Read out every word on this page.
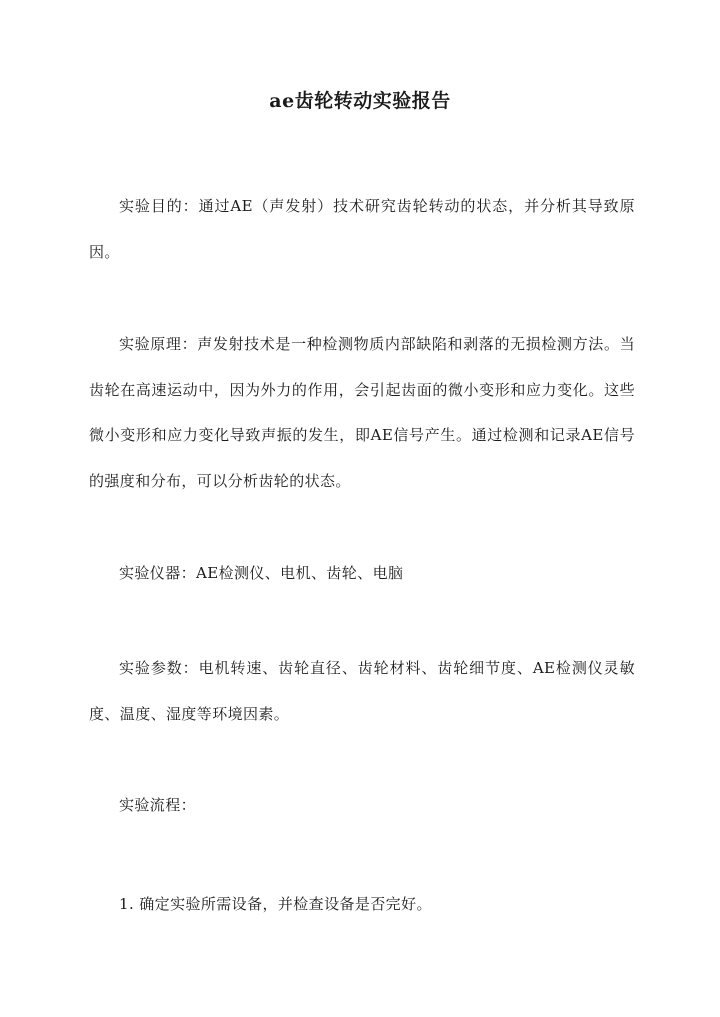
ae齿轮转动实验报告

实验目的：通过AE（声发射）技术研究齿轮转动的状态，并分析其导致原因。

实验原理：声发射技术是一种检测物质内部缺陷和剥落的无损检测方法。当齿轮在高速运动中，因为外力的作用，会引起齿面的微小变形和应力变化。这些微小变形和应力变化导致声振的发生，即AE信号产生。通过检测和记录AE信号的强度和分布，可以分析齿轮的状态。

实验仪器：AE检测仪、电机、齿轮、电脑

实验参数：电机转速、齿轮直径、齿轮材料、齿轮细节度、AE检测仪灵敏度、温度、湿度等环境因素。

实验流程：

1. 确定实验所需设备，并检查设备是否完好。
